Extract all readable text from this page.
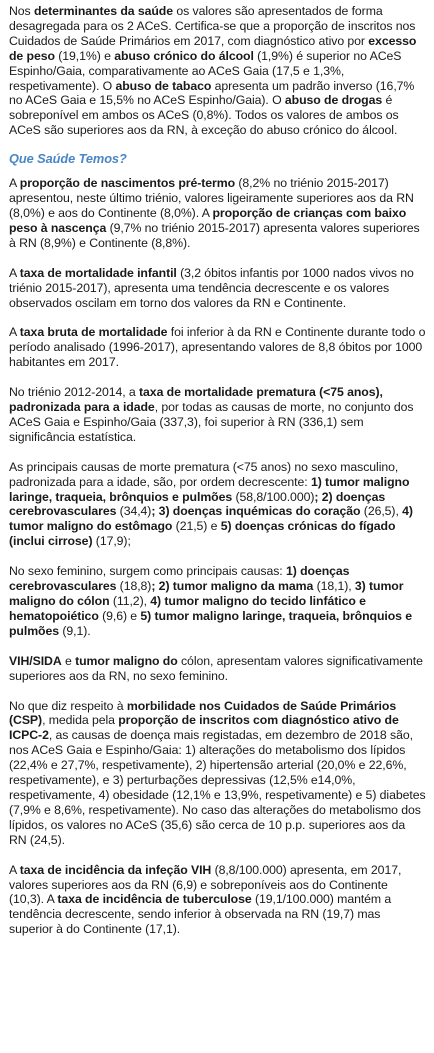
Nos determinantes da saúde os valores são apresentados de forma desagregada para os 2 ACeS. Certifica-se que a proporção de inscritos nos Cuidados de Saúde Primários em 2017, com diagnóstico ativo por excesso de peso (19,1%) e abuso crónico do álcool (1,9%) é superior no ACeS Espinho/Gaia, comparativamente ao ACeS Gaia (17,5 e 1,3%, respetivamente). O abuso de tabaco apresenta um padrão inverso (16,7% no ACeS Gaia e 15,5% no ACeS Espinho/Gaia). O abuso de drogas é sobreponível em ambos os ACeS (0,8%). Todos os valores de ambos os ACeS são superiores aos da RN, à exceção do abuso crónico do álcool.

Que Saúde Temos?

A proporção de nascimentos pré-termo (8,2% no triénio 2015-2017) apresentou, neste último triénio, valores ligeiramente superiores aos da RN (8,0%) e aos do Continente (8,0%). A proporção de crianças com baixo peso à nascença (9,7% no triénio 2015-2017) apresenta valores superiores à RN (8,9%) e Continente (8,8%).

A taxa de mortalidade infantil (3,2 óbitos infantis por 1000 nados vivos no triénio 2015-2017), apresenta uma tendência decrescente e os valores observados oscilam em torno dos valores da RN e Continente.

A taxa bruta de mortalidade foi inferior à da RN e Continente durante todo o período analisado (1996-2017), apresentando valores de 8,8 óbitos por 1000 habitantes em 2017.

No triénio 2012-2014, a taxa de mortalidade prematura (<75 anos), padronizada para a idade, por todas as causas de morte, no conjunto dos ACeS Gaia e Espinho/Gaia (337,3), foi superior à RN (336,1) sem significância estatística.

As principais causas de morte prematura (<75 anos) no sexo masculino, padronizada para a idade, são, por ordem decrescente: 1) tumor maligno laringe, traqueia, brônquios e pulmões (58,8/100.000); 2) doenças cerebrovasculares (34,4); 3) doenças inquémicas do coração (26,5), 4) tumor maligno do estômago (21,5) e 5) doenças crónicas do fígado (inclui cirrose) (17,9);

No sexo feminino, surgem como principais causas: 1) doenças cerebrovasculares (18,8); 2) tumor maligno da mama (18,1), 3) tumor maligno do cólon (11,2), 4) tumor maligno do tecido linfático e hematopoiético (9,6) e 5) tumor maligno laringe, traqueia, brônquios e pulmões (9,1).

VIH/SIDA e tumor maligno do cólon, apresentam valores significativamente superiores aos da RN, no sexo feminino.

No que diz respeito à morbilidade nos Cuidados de Saúde Primários (CSP), medida pela proporção de inscritos com diagnóstico ativo de ICPC-2, as causas de doença mais registadas, em dezembro de 2018 são, nos ACeS Gaia e Espinho/Gaia: 1) alterações do metabolismo dos lípidos (22,4% e 27,7%, respetivamente), 2) hipertensão arterial (20,0% e 22,6%, respetivamente), e 3) perturbações depressivas (12,5% e14,0%, respetivamente, 4) obesidade (12,1% e 13,9%, respetivamente) e 5) diabetes (7,9% e 8,6%, respetivamente). No caso das alterações do metabolismo dos lípidos, os valores no ACeS (35,6) são cerca de 10 p.p. superiores aos da RN (24,5).

A taxa de incidência da infeção VIH (8,8/100.000) apresenta, em 2017, valores superiores aos da RN (6,9) e sobreponíveis aos do Continente (10,3). A taxa de incidência de tuberculose (19,1/100.000) mantém a tendência decrescente, sendo inferior à observada na RN (19,7) mas superior à do Continente (17,1).
